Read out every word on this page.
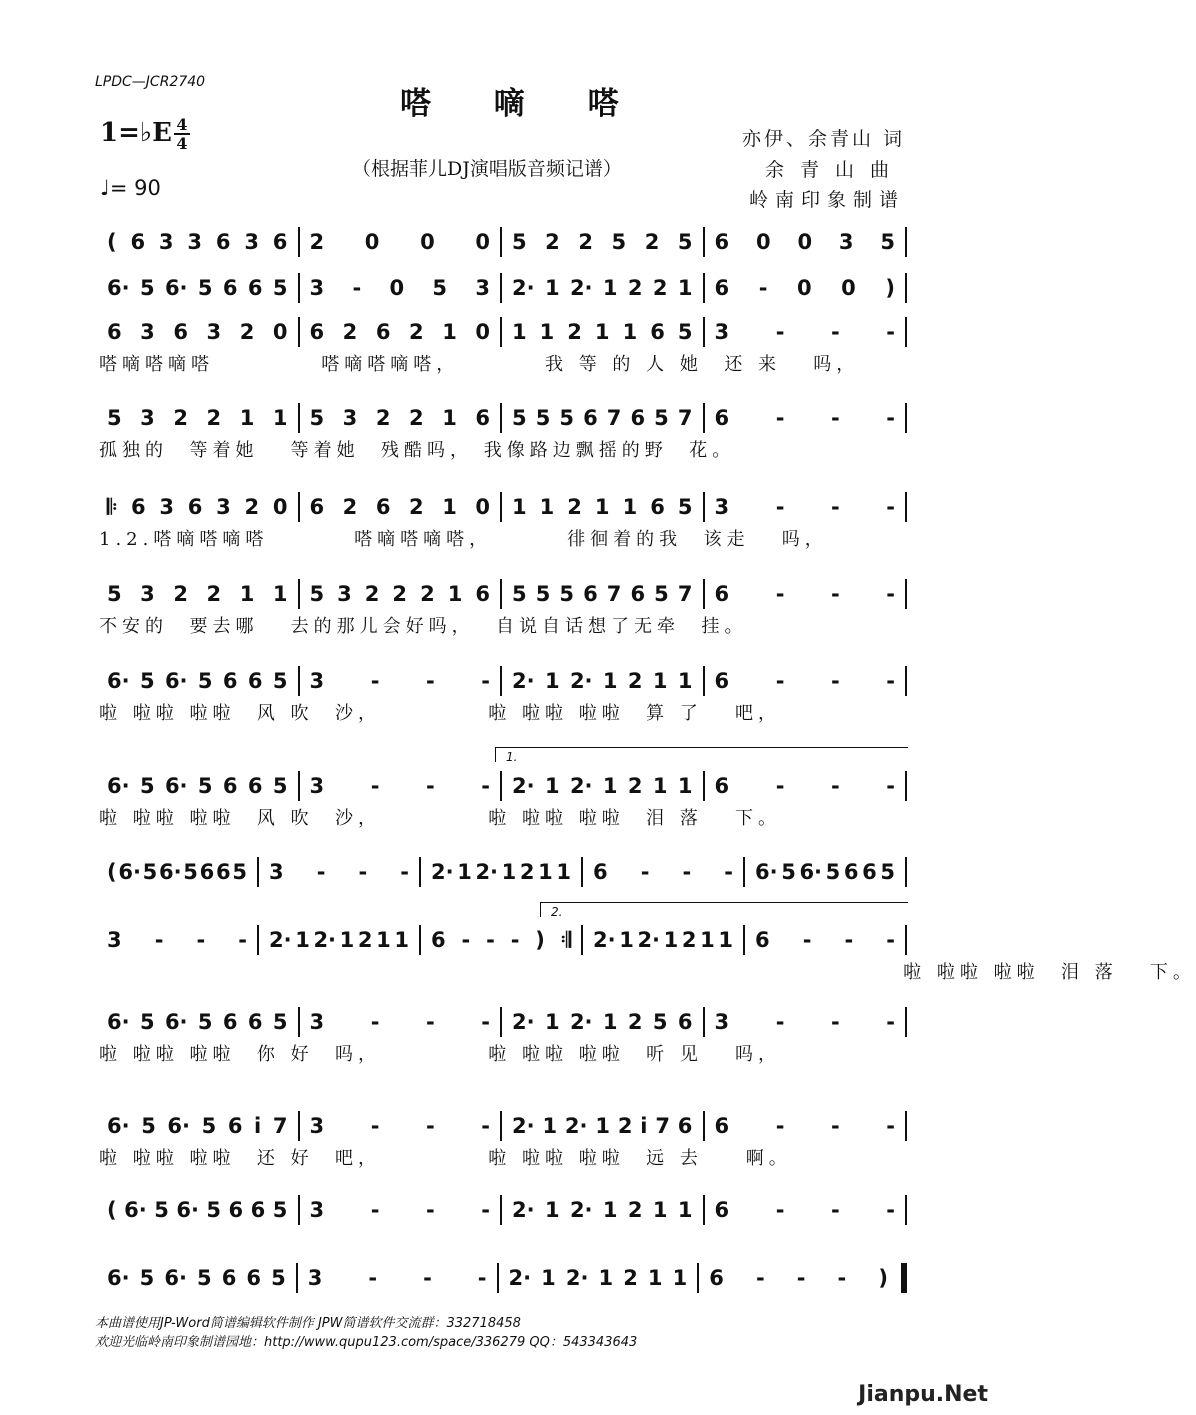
LPDC—JCR2740
嗒 嘀 嗒
（根据菲儿DJ演唱版音频记谱）
1=♭E 4
4
♩= 90
亦伊、余青山 词
余青山曲
岭南印象制谱
( 6 3 3 6 3 6 2 0 0 0 5 2 2 5 2 5 6 0 0 3 5
6· 5 6· 5 6 6 5 3 - 0 5 3 2· 1 2· 1 2 2 1 6 - 0 0 )
6 3 6 3 2 0 6 2 6 2 1 0 1 1 2 1 1 6 5 3 - - -
嗒嘀嗒嘀嗒          嗒嘀嗒嘀嗒，        我 等 的 人 她  还 来   吗，
5 3 2 2 1 1 5 3 2 2 1 6 5 5 5 6 7 6 5 7 6 - - -
孤独的  等着她   等着她  残酷吗， 我像路边飘摇的野  花。
𝄆 6 3 6 3 2 0 6 2 6 2 1 0 1 1 2 1 1 6 5 3 - - -
1.2.嗒嘀嗒嘀嗒        嗒嘀嗒嘀嗒，       徘徊着的我  该走   吗，
5 3 2 2 1 1 5 3 2 2 2 1 6 5 5 5 6 7 6 5 7 6 - - -
不安的  要去哪   去的那儿会好吗，  自说自话想了无牵  挂。
6· 5 6· 5 6 6 5 3 - - - 2· 1 2· 1 2 1 1 6 - - -
啦 啦啦 啦啦  风 吹  沙，          啦 啦啦 啦啦  算 了   吧，
6· 5 6· 5 6 6 5 3 - - - 2· 1 2· 1 2 1 1 6 - - -
啦 啦啦 啦啦  风 吹  沙，          啦 啦啦 啦啦  泪 落   下。
( 6· 5 6· 5 6 6 5 3 - - - 2· 1 2· 1 2 1 1 6 - - - 6· 5 6· 5 6 6 5
3 - - - 2· 1 2· 1 2 1 1 6 - - - ) 𝄇 2· 1 2· 1 2 1 1 6 - - -
啦 啦啦 啦啦  泪 落   下。
6· 5 6· 5 6 6 5 3 - - - 2· 1 2· 1 2 5 6 3 - - -
啦 啦啦 啦啦  你 好  吗，          啦 啦啦 啦啦  听 见   吗，
6· 5 6· 5 6 i 7 3 - - - 2· 1 2· 1 2 i 7 6 6 - - -
啦 啦啦 啦啦  还 好  吧，          啦 啦啦 啦啦  远 去    啊。
( 6· 5 6· 5 6 6 5 3 - - - 2· 1 2· 1 2 1 1 6 - - -
6· 5 6· 5 6 6 5 3 - - - 2· 1 2· 1 2 1 1 6 - - - )
1.
2.
本曲谱使用JP-Word简谱编辑软件制作 JPW简谱软件交流群：332718458
欢迎光临岭南印象制谱园地：http://www.qupu123.com/space/336279 QQ：543343643
Jianpu.Net
